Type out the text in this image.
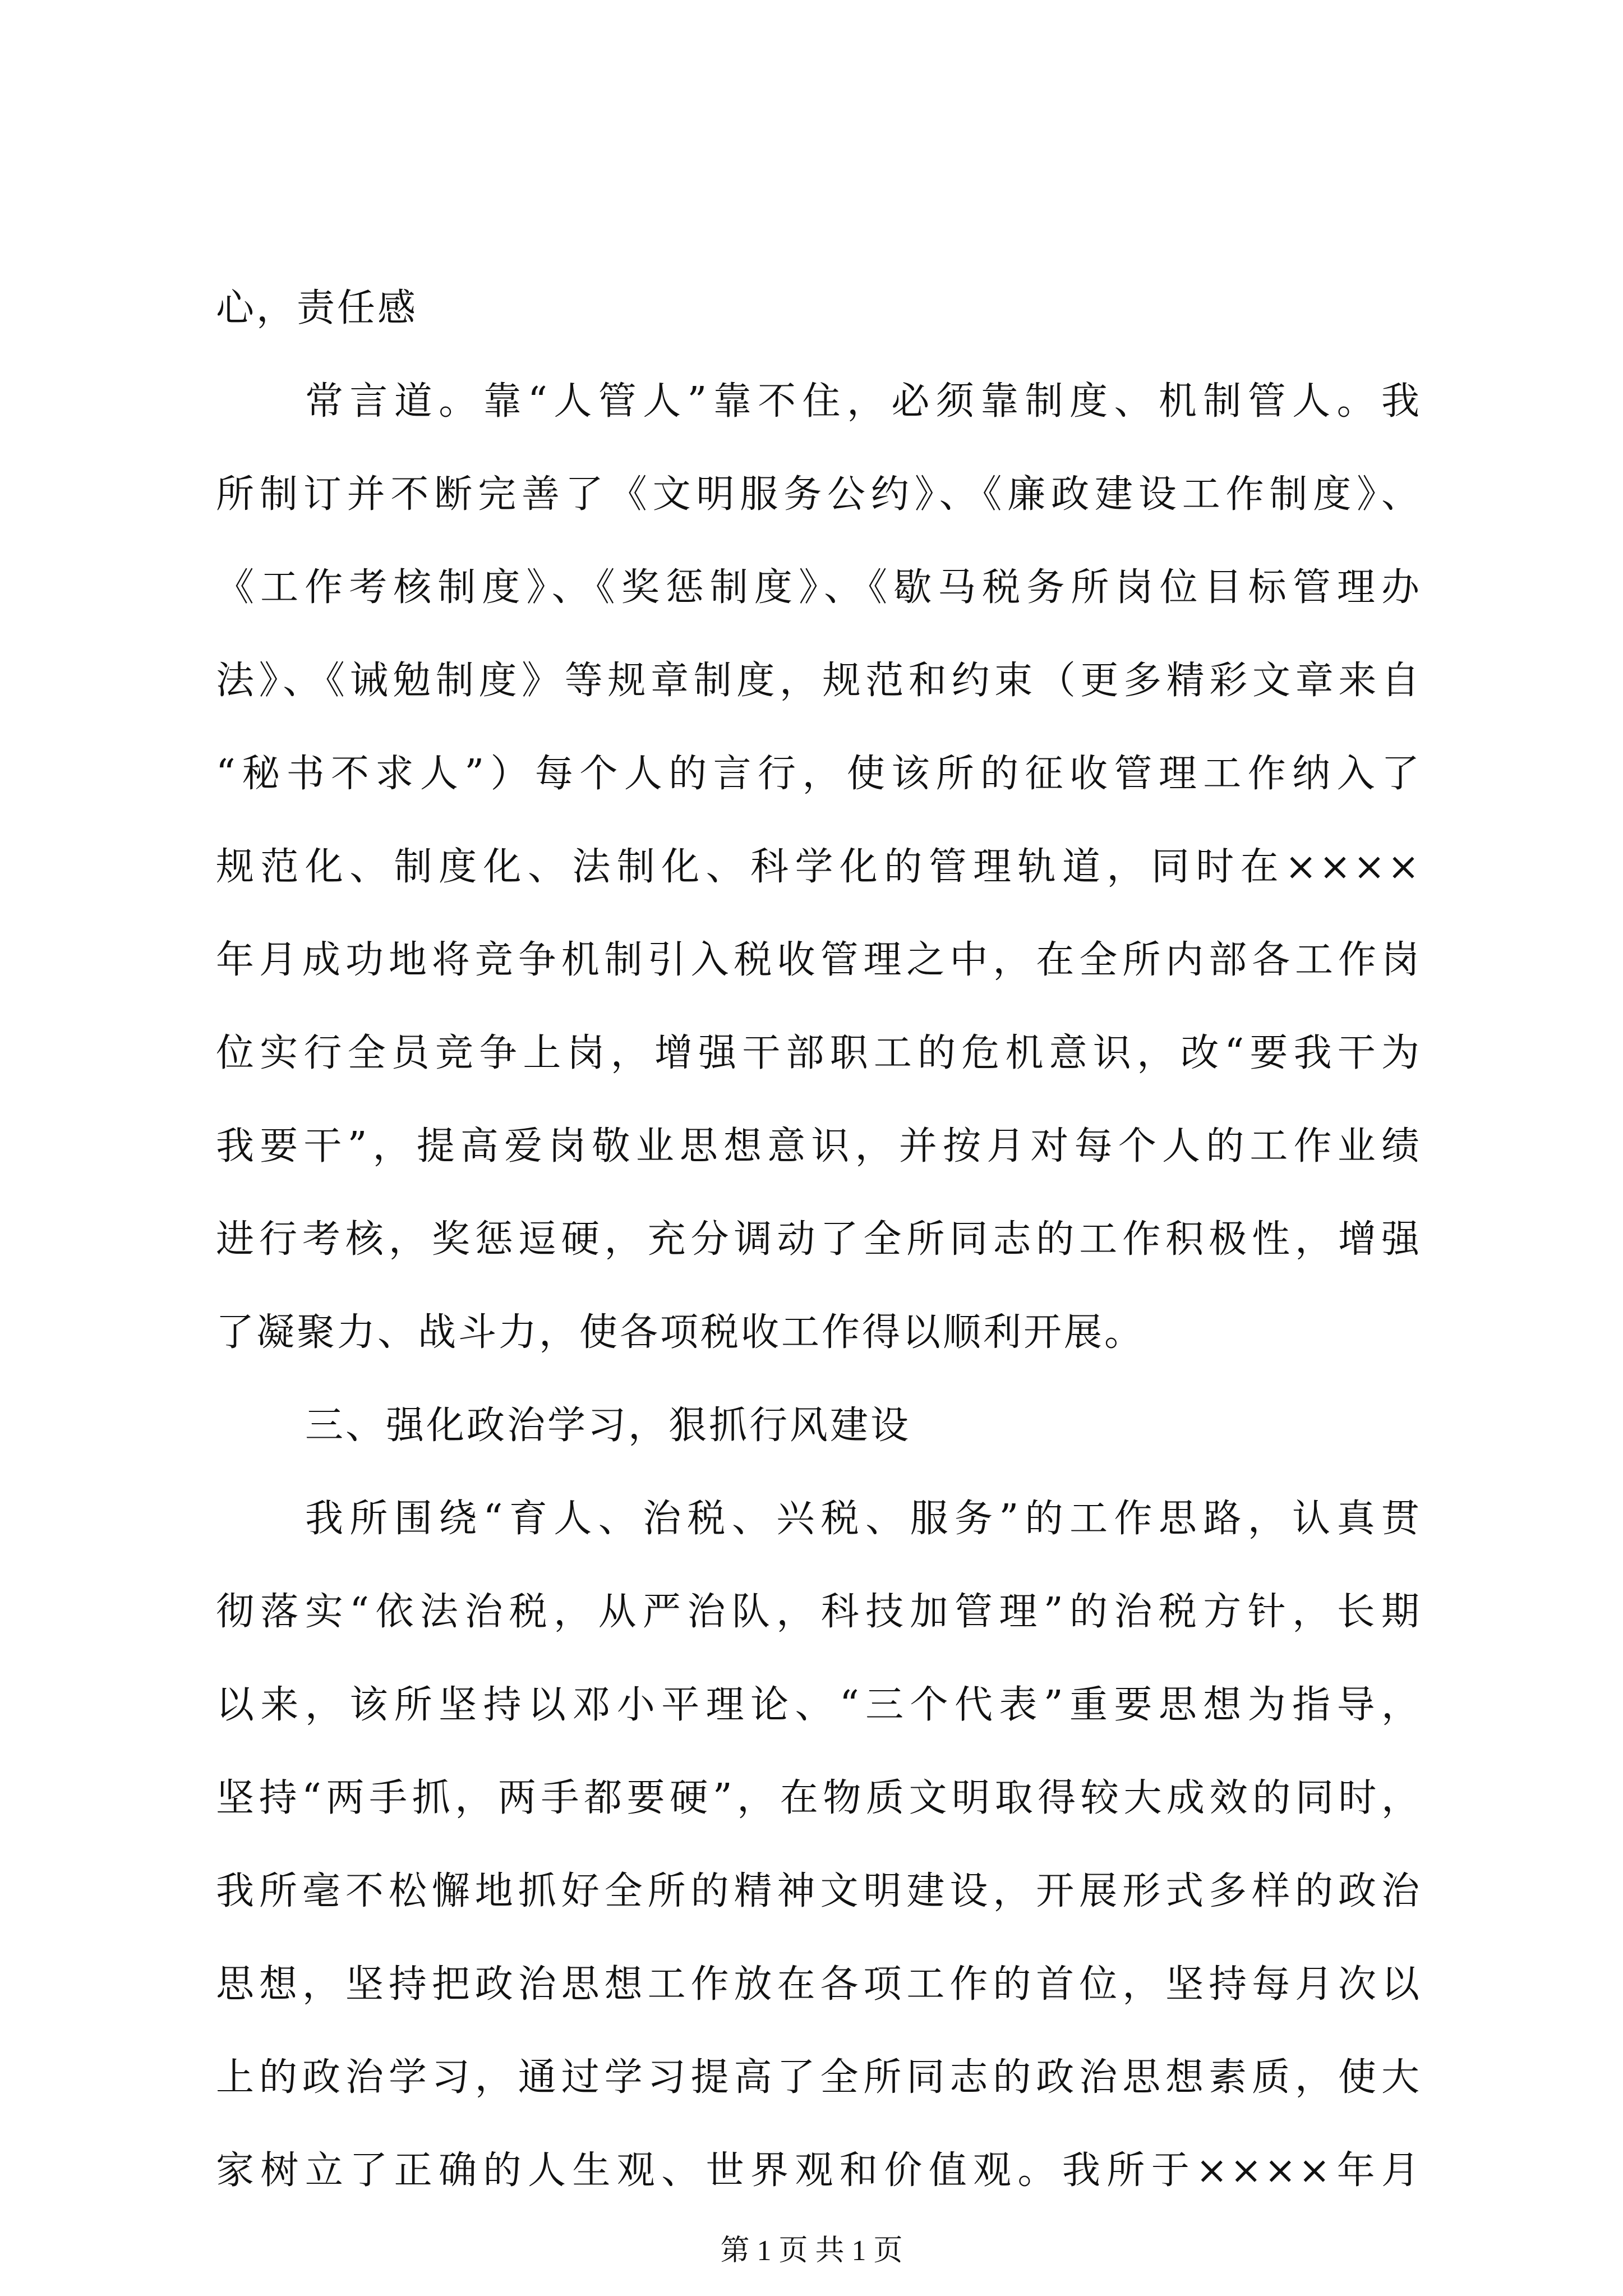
心，责任感
常言道。靠“人管人”靠不住，必须靠制度、机制管人。我
所制订并不断完善了《文明服务公约》、《廉政建设工作制度》、
《工作考核制度》、《奖惩制度》、《歇马税务所岗位目标管理办
法》、《诫勉制度》等规章制度，规范和约束（更多精彩文章来自
“秘书不求人”）每个人的言行，使该所的征收管理工作纳入了
规范化、制度化、法制化、科学化的管理轨道，同时在××××
年月成功地将竞争机制引入税收管理之中，在全所内部各工作岗
位实行全员竞争上岗，增强干部职工的危机意识，改“要我干为
我要干”，提高爱岗敬业思想意识，并按月对每个人的工作业绩
进行考核，奖惩逗硬，充分调动了全所同志的工作积极性，增强
了凝聚力、战斗力，使各项税收工作得以顺利开展。
三、强化政治学习，狠抓行风建设
我所围绕“育人、治税、兴税、服务”的工作思路，认真贯
彻落实“依法治税，从严治队，科技加管理”的治税方针，长期
以来，该所坚持以邓小平理论、“三个代表”重要思想为指导，
坚持“两手抓，两手都要硬”，在物质文明取得较大成效的同时，
我所毫不松懈地抓好全所的精神文明建设，开展形式多样的政治
思想，坚持把政治思想工作放在各项工作的首位，坚持每月次以
上的政治学习，通过学习提高了全所同志的政治思想素质，使大
家树立了正确的人生观、世界观和价值观。我所于××××年月
第 1 页 共 1 页
